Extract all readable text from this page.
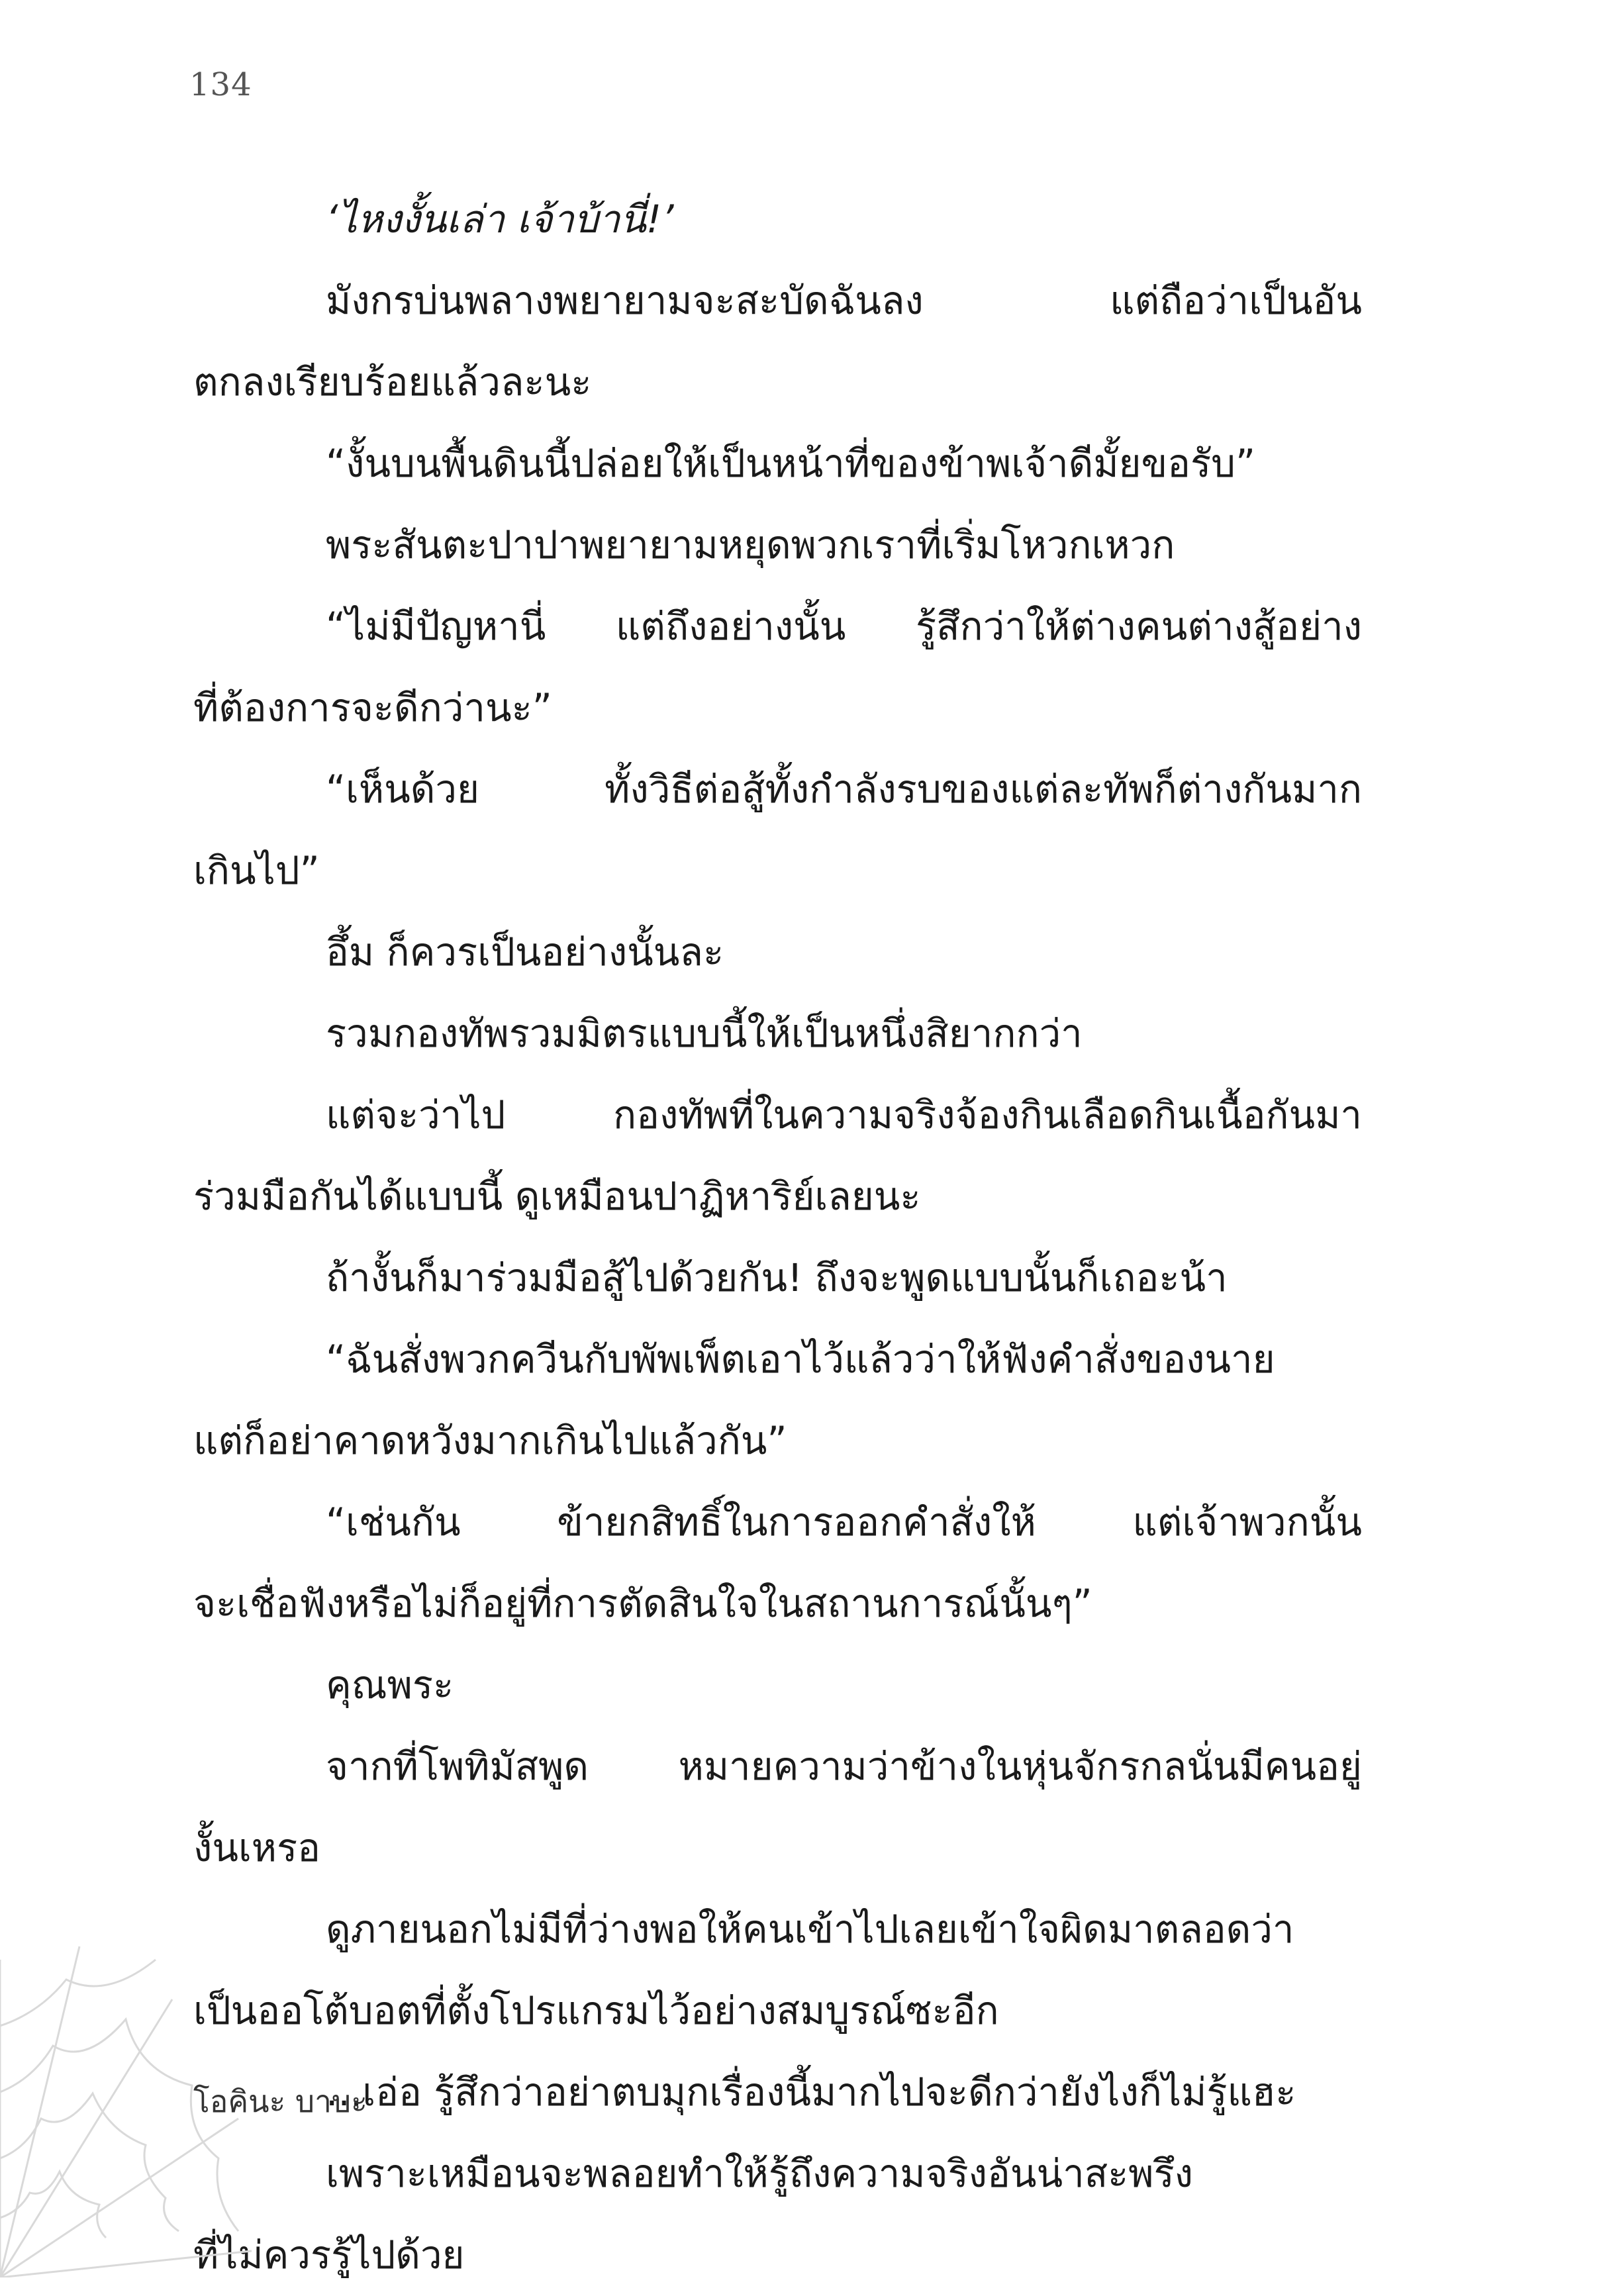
134
‘ไหงงั้นเล่า เจ้าบ้านี่!’
มังกรบ่นพลางพยายามจะสะบัดฉันลง แต่ถือว่าเป็นอัน
ตกลงเรียบร้อยแล้วละนะ
“งั้นบนพื้นดินนี้ปล่อยให้เป็นหน้าที่ของข้าพเจ้าดีมั้ยขอรับ”
พระสันตะปาปาพยายามหยุดพวกเราที่เริ่มโหวกเหวก
“ไม่มีปัญหานี่ แต่ถึงอย่างนั้น รู้สึกว่าให้ต่างคนต่างสู้อย่าง
ที่ต้องการจะดีกว่านะ”
“เห็นด้วย ทั้งวิธีต่อสู้ทั้งกำลังรบของแต่ละทัพก็ต่างกันมาก
เกินไป”
อึ้ม ก็ควรเป็นอย่างนั้นละ
รวมกองทัพรวมมิตรแบบนี้ให้เป็นหนึ่งสิยากกว่า
แต่จะว่าไป กองทัพที่ในความจริงจ้องกินเลือดกินเนื้อกันมา
ร่วมมือกันได้แบบนี้ ดูเหมือนปาฏิหาริย์เลยนะ
ถ้างั้นก็มาร่วมมือสู้ไปด้วยกัน! ถึงจะพูดแบบนั้นก็เถอะน้า
“ฉันสั่งพวกควีนกับพัพเพ็ตเอาไว้แล้วว่าให้ฟังคำสั่งของนาย
แต่ก็อย่าคาดหวังมากเกินไปแล้วกัน”
“เช่นกัน ข้ายกสิทธิ์ในการออกคำสั่งให้ แต่เจ้าพวกนั้น
จะเชื่อฟังหรือไม่ก็อยู่ที่การตัดสินใจในสถานการณ์นั้นๆ”
คุณพระ
จากที่โพทิมัสพูด หมายความว่าข้างในหุ่นจักรกลนั่นมีคนอยู่
งั้นเหรอ
ดูภายนอกไม่มีที่ว่างพอให้คนเข้าไปเลยเข้าใจผิดมาตลอดว่า
เป็นออโต้บอตที่ตั้งโปรแกรมไว้อย่างสมบูรณ์ซะอีก
...เอ่อ รู้สึกว่าอย่าตบมุกเรื่องนี้มากไปจะดีกว่ายังไงก็ไม่รู้แฮะ
เพราะเหมือนจะพลอยทำให้รู้ถึงความจริงอันน่าสะพรึง
ที่ไม่ควรรู้ไปด้วย
โอคินะ บาบะ
